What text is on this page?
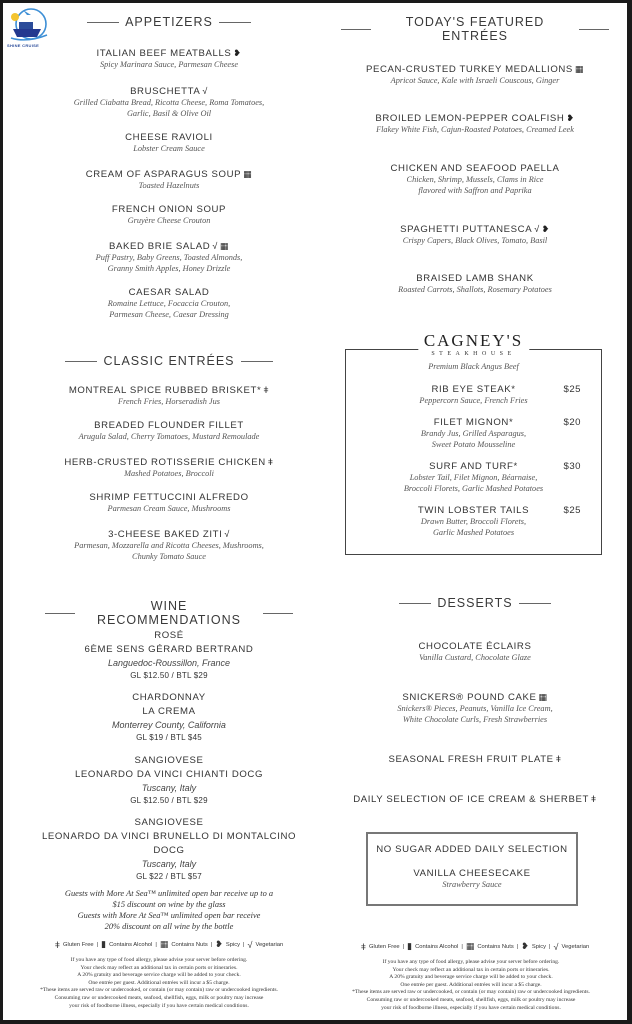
SHINE CRUISE
APPETIZERS
ITALIAN BEEF MEATBALLS ❥
Spicy Marinara Sauce, Parmesan Cheese
BRUSCHETTA √
Grilled Ciabatta Bread, Ricotta Cheese, Roma Tomatoes,
Garlic, Basil & Olive Oil
CHEESE RAVIOLI
Lobster Cream Sauce
CREAM OF ASPARAGUS SOUP ▦
Toasted Hazelnuts
FRENCH ONION SOUP
Gruyère Cheese Crouton
BAKED BRIE SALAD √ ▦
Puff Pastry, Baby Greens, Toasted Almonds,
Granny Smith Apples, Honey Drizzle
CAESAR SALAD
Romaine Lettuce, Focaccia Crouton,
Parmesan Cheese, Caesar Dressing
CLASSIC ENTRÉES
MONTREAL SPICE RUBBED BRISKET* ǂ
French Fries, Horseradish Jus
BREADED FLOUNDER FILLET
Arugula Salad, Cherry Tomatoes, Mustard Remoulade
HERB-CRUSTED ROTISSERIE CHICKEN ǂ
Mashed Potatoes, Broccoli
SHRIMP FETTUCCINI ALFREDO
Parmesan Cream Sauce, Mushrooms
3-CHEESE BAKED ZITI √
Parmesan, Mozzarella and Ricotta Cheeses, Mushrooms,
Chunky Tomato Sauce
WINE RECOMMENDATIONS
ROSÉ
6ÈME SENS GÉRARD BERTRAND
Languedoc-Roussillon, France
GL $12.50 / BTL $29
CHARDONNAY
LA CREMA
Monterrey County, California
GL $19 / BTL $45
SANGIOVESE
LEONARDO DA VINCI CHIANTI DOCG
Tuscany, Italy
GL $12.50 / BTL $29
SANGIOVESE
LEONARDO DA VINCI BRUNELLO DI MONTALCINO
DOCG
Tuscany, Italy
GL $22 / BTL $57
Guests with More At Sea™ unlimited open bar receive up to a
$15 discount on wine by the glass
Guests with More At Sea™ unlimited open bar receive
20% discount on all wine by the bottle
ǂ Gluten Free | ▮ Contains Alcohol | ▦ Contains Nuts | ❥ Spicy | √ Vegetarian
If you have any type of food allergy, please advise your server before ordering.
Your check may reflect an additional tax in certain ports or itineraries.
A 20% gratuity and beverage service charge will be added to your check.
One entrée per guest. Additional entrées will incur a $5 charge.
*These items are served raw or undercooked, or contain (or may contain) raw or undercooked ingredients.
Consuming raw or undercooked meats, seafood, shellfish, eggs, milk or poultry may increase
your risk of foodborne illness, especially if you have certain medical conditions.
TODAY'S FEATURED ENTRÉES
PECAN-CRUSTED TURKEY MEDALLIONS ▦
Apricot Sauce, Kale with Israeli Couscous, Ginger
BROILED LEMON-PEPPER COALFISH ❥
Flakey White Fish, Cajun-Roasted Potatoes, Creamed Leek
CHICKEN AND SEAFOOD PAELLA
Chicken, Shrimp, Mussels, Clams in Rice
flavored with Saffron and Paprika
SPAGHETTI PUTTANESCA √ ❥
Crispy Capers, Black Olives, Tomato, Basil
BRAISED LAMB SHANK
Roasted Carrots, Shallots, Rosemary Potatoes
CAGNEY'S
STEAKHOUSE
Premium Black Angus Beef
RIB EYE STEAK*	$25
Peppercorn Sauce, French Fries
FILET MIGNON*	$20
Brandy Jus, Grilled Asparagus,
Sweet Potato Mousseline
SURF AND TURF*	$30
Lobster Tail, Filet Mignon, Béarnaise,
Broccoli Florets, Garlic Mashed Potatoes
TWIN LOBSTER TAILS	$25
Drawn Butter, Broccoli Florets,
Garlic Mashed Potatoes
DESSERTS
CHOCOLATE ÉCLAIRS
Vanilla Custard, Chocolate Glaze
SNICKERS® POUND CAKE ▦
Snickers® Pieces, Peanuts, Vanilla Ice Cream,
White Chocolate Curls, Fresh Strawberries
SEASONAL FRESH FRUIT PLATE ǂ
DAILY SELECTION OF ICE CREAM & SHERBET ǂ
NO SUGAR ADDED DAILY SELECTION
VANILLA CHEESECAKE
Strawberry Sauce
ǂ Gluten Free | ▮ Contains Alcohol | ▦ Contains Nuts | ❥ Spicy | √ Vegetarian
If you have any type of food allergy, please advise your server before ordering.
Your check may reflect an additional tax in certain ports or itineraries.
A 20% gratuity and beverage service charge will be added to your check.
One entrée per guest. Additional entrées will incur a $5 charge.
*These items are served raw or undercooked, or contain (or may contain) raw or undercooked ingredients.
Consuming raw or undercooked meats, seafood, shellfish, eggs, milk or poultry may increase
your risk of foodborne illness, especially if you have certain medical conditions.
